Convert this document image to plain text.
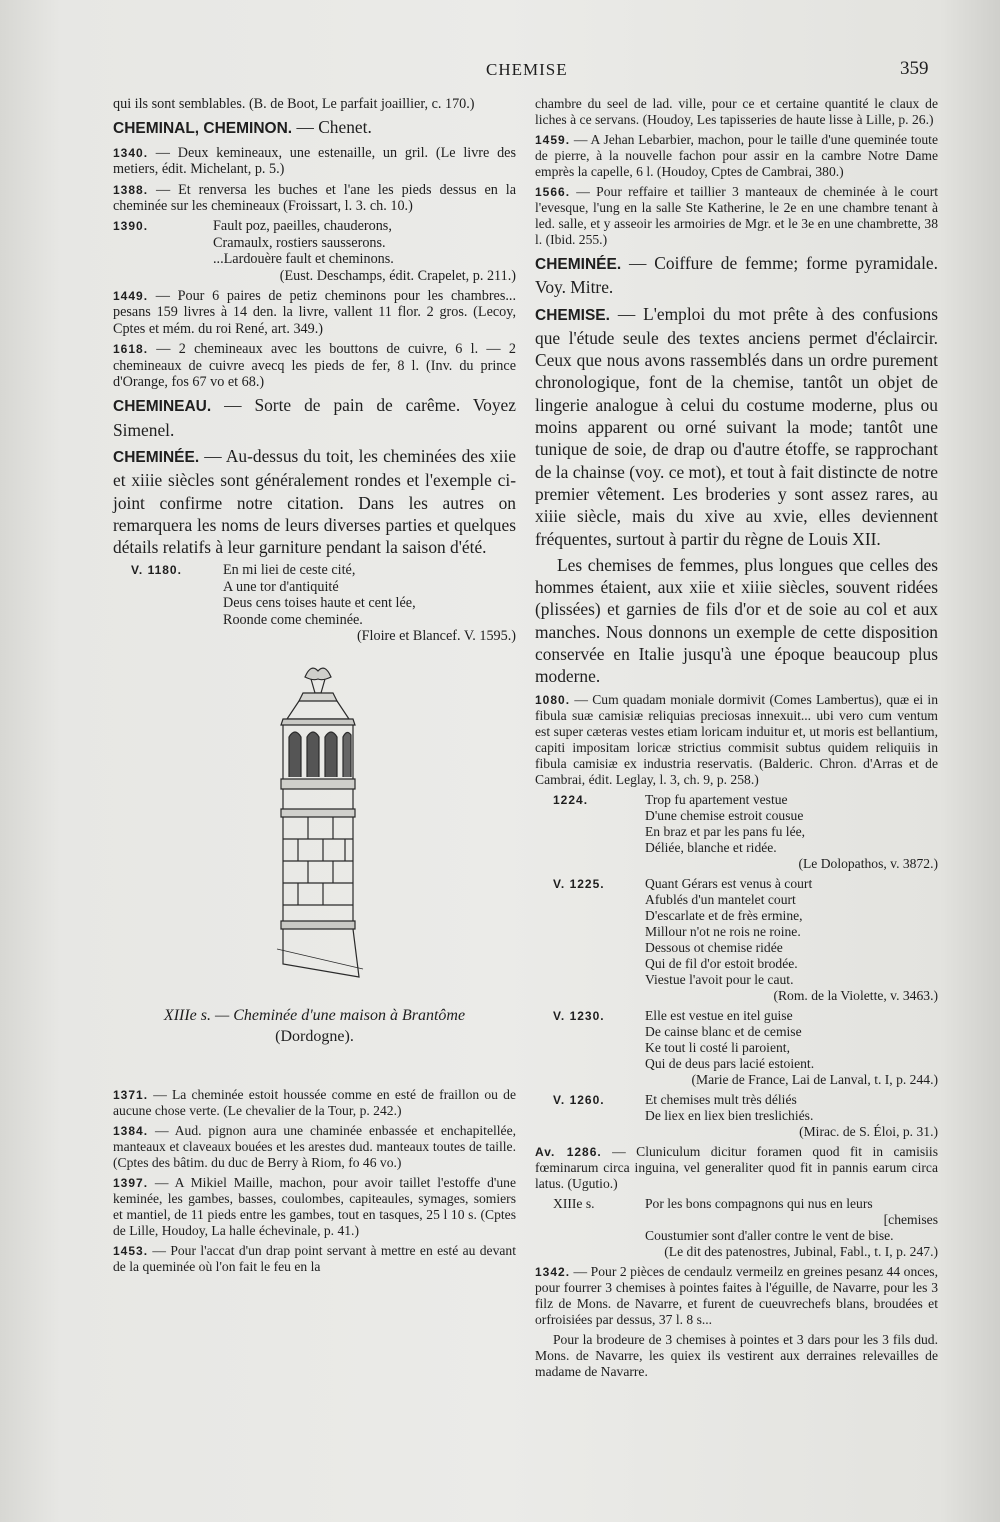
CHEMISE	359

qui ils sont semblables. (B. de Boot, Le parfait joaillier, c. 170.)

CHEMINAL, CHEMINON. — Chenet.

1340. — Deux kemineaux, une estenaille, un gril. (Le livre des metiers, édit. Michelant, p. 5.)

1388. — Et renversa les buches et l'ane les pieds dessus en la cheminée sur les chemineaux (Froissart, l. 3. ch. 10.)

1390.	Fault poz, paeilles, chauderons,
Cramaulx, rostiers sausserons.
...Lardouère fault et cheminons.
(Eust. Deschamps, édit. Crapelet, p. 211.)

1449. — Pour 6 paires de petiz cheminons pour les chambres... pesans 159 livres à 14 den. la livre, vallent 11 flor. 2 gros. (Lecoy, Cptes et mém. du roi René, art. 349.)

1618. — 2 chemineaux avec les bouttons de cuivre, 6 l. — 2 chemineaux de cuivre avecq les pieds de fer, 8 l. (Inv. du prince d'Orange, fos 67 vo et 68.)

CHEMINEAU. — Sorte de pain de carême. Voyez Simenel.

CHEMINÉE. — Au-dessus du toit, les cheminées des xiie et xiiie siècles sont généralement rondes et l'exemple ci-joint confirme notre citation. Dans les autres on remarquera les noms de leurs diverses parties et quelques détails relatifs à leur garniture pendant la saison d'été.

V. 1180.	En mi liei de ceste cité,
A une tor d'antiquité
Deus cens toises haute et cent lée,
Roonde come cheminée.
(Floire et Blancef. V. 1595.)

XIIIe s. — Cheminée d'une maison à Brantôme
(Dordogne).

1371. — La cheminée estoit houssée comme en esté de fraillon ou de aucune chose verte. (Le chevalier de la Tour, p. 242.)

1384. — Aud. pignon aura une chaminée enbassée et enchapitellée, manteaux et claveaux bouées et les arestes dud. manteaux toutes de taille. (Cptes des bâtim. du duc de Berry à Riom, fo 46 vo.)

1397. — A Mikiel Maille, machon, pour avoir taillet l'estoffe d'une keminée, les gambes, basses, coulombes, capiteaules, symages, somiers et mantiel, de 11 pieds entre les gambes, tout en tasques, 25 l 10 s. (Cptes de Lille, Houdoy, La halle échevinale, p. 41.)

1453. — Pour l'accat d'un drap point servant à mettre en esté au devant de la queminée où l'on fait le feu en la

chambre du seel de lad. ville, pour ce et certaine quantité le claux de liches à ce servans. (Houdoy, Les tapisseries de haute lisse à Lille, p. 26.)

1459. — A Jehan Lebarbier, machon, pour le taille d'une queminée toute de pierre, à la nouvelle fachon pour assir en la cambre Notre Dame emprès la capelle, 6 l. (Houdoy, Cptes de Cambrai, 380.)

1566. — Pour reffaire et taillier 3 manteaux de cheminée à le court l'evesque, l'ung en la salle Ste Katherine, le 2e en une chambre tenant à led. salle, et y asseoir les armoiries de Mgr. et le 3e en une chambrette, 38 l. (Ibid. 255.)

CHEMINÉE. — Coiffure de femme; forme pyramidale. Voy. Mitre.

CHEMISE. — L'emploi du mot prête à des confusions que l'étude seule des textes anciens permet d'éclaircir. Ceux que nous avons rassemblés dans un ordre purement chronologique, font de la chemise, tantôt un objet de lingerie analogue à celui du costume moderne, plus ou moins apparent ou orné suivant la mode; tantôt une tunique de soie, de drap ou d'autre étoffe, se rapprochant de la chainse (voy. ce mot), et tout à fait distincte de notre premier vêtement. Les broderies y sont assez rares, au xiiie siècle, mais du xive au xvie, elles deviennent fréquentes, surtout à partir du règne de Louis XII.

Les chemises de femmes, plus longues que celles des hommes étaient, aux xiie et xiiie siècles, souvent ridées (plissées) et garnies de fils d'or et de soie au col et aux manches. Nous donnons un exemple de cette disposition conservée en Italie jusqu'à une époque beaucoup plus moderne.

1080. — Cum quadam moniale dormivit (Comes Lambertus), quæ ei in fibula suæ camisiæ reliquias preciosas innexuit... ubi vero cum ventum est super cæteras vestes etiam loricam induitur et, ut moris est bellantium, capiti impositam loricæ strictius commisit subtus quidem reliquiis in fibula camisiæ ex industria reservatis. (Balderic. Chron. d'Arras et de Cambrai, édit. Leglay, l. 3, ch. 9, p. 258.)

1224.	Trop fu apartement vestue
D'une chemise estroit cousue
En braz et par les pans fu lée,
Déliée, blanche et ridée.
(Le Dolopathos, v. 3872.)
V. 1225.	Quant Gérars est venus à court
Afublés d'un mantelet court
D'escarlate et de frès ermine,
Millour n'ot ne rois ne roine.
Dessous ot chemise ridée
Qui de fil d'or estoit brodée.
Viestue l'avoit pour le caut.
(Rom. de la Violette, v. 3463.)
V. 1230.	Elle est vestue en itel guise
De cainse blanc et de cemise
Ke tout li costé li paroient,
Qui de deus pars lacié estoient.
(Marie de France, Lai de Lanval, t. I, p. 244.)
V. 1260.	Et chemises mult très déliés
De liex en liex bien treslichiés.
(Mirac. de S. Éloi, p. 31.)

Av. 1286. — Cluniculum dicitur foramen quod fit in camisiis fœminarum circa inguina, vel generaliter quod fit in pannis earum circa latus. (Ugutio.)

XIIIe s.	Por les bons compagnons qui nus en leurs
[chemises
Coustumier sont d'aller contre le vent de bise.
(Le dit des patenostres, Jubinal, Fabl., t. I, p. 247.)

1342. — Pour 2 pièces de cendaulz vermeilz en greines pesanz 44 onces, pour fourrer 3 chemises à pointes faites à l'éguille, de Navarre, pour les 3 filz de Mons. de Navarre, et furent de cueuvrechefs blans, broudées et orfroisiées par dessus, 37 l. 8 s...

Pour la brodeure de 3 chemises à pointes et 3 dars pour les 3 fils dud. Mons. de Navarre, les quiex ils vestirent aux derraines relevailles de madame de Navarre.
